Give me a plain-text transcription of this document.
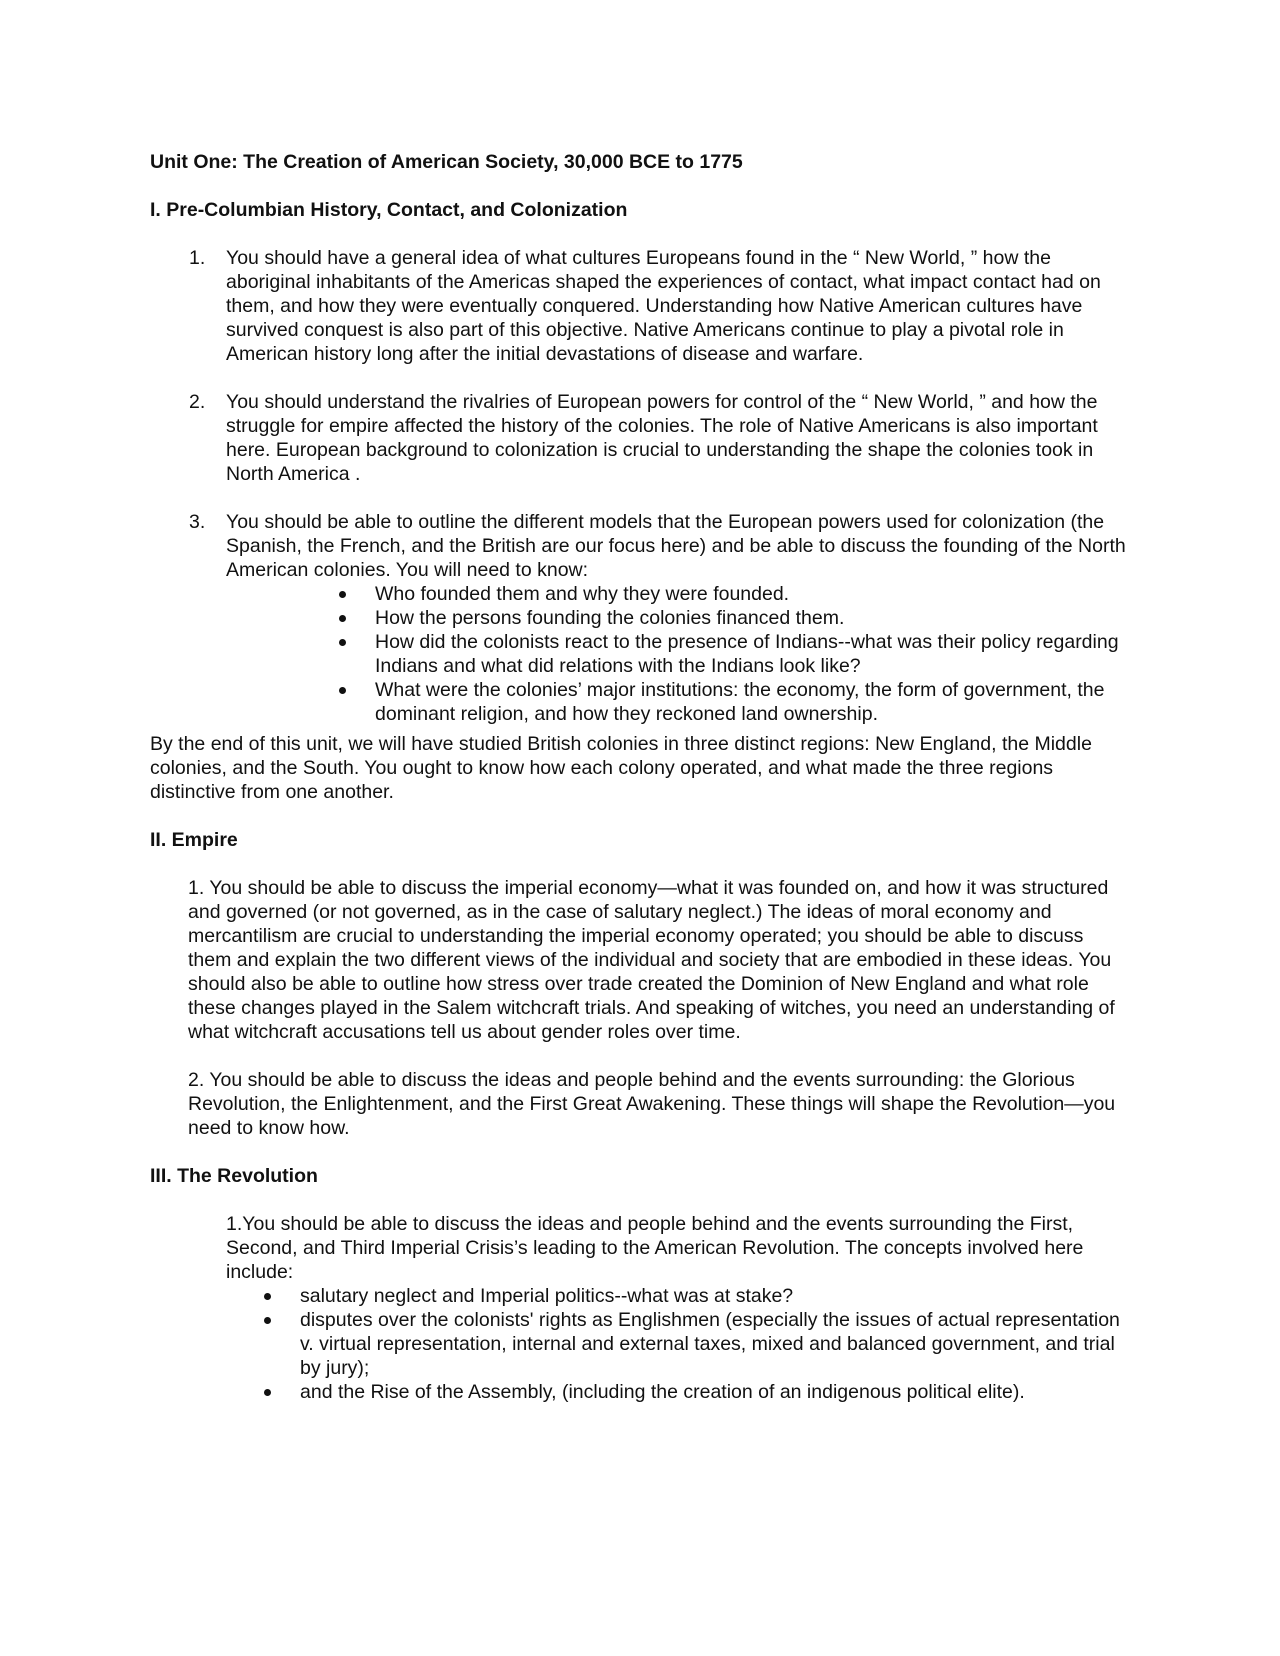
Unit One: The Creation of American Society, 30,000 BCE to 1775

I. Pre-Columbian History, Contact, and Colonization

1. You should have a general idea of what cultures Europeans found in the “ New World, ” how the aboriginal inhabitants of the Americas shaped the experiences of contact, what impact contact had on them, and how they were eventually conquered. Understanding how Native American cultures have survived conquest is also part of this objective. Native Americans continue to play a pivotal role in American history long after the initial devastations of disease and warfare.
2. You should understand the rivalries of European powers for control of the “ New World, ” and how the struggle for empire affected the history of the colonies. The role of Native Americans is also important here. European background to colonization is crucial to understanding the shape the colonies took in North America .
3. You should be able to outline the different models that the European powers used for colonization (the Spanish, the French, and the British are our focus here) and be able to discuss the founding of the North American colonies. You will need to know:
Who founded them and why they were founded.
How the persons founding the colonies financed them.
How did the colonists react to the presence of Indians--what was their policy regarding Indians and what did relations with the Indians look like?
What were the colonies’ major institutions: the economy, the form of government, the dominant religion, and how they reckoned land ownership.

By the end of this unit, we will have studied British colonies in three distinct regions: New England, the Middle colonies, and the South. You ought to know how each colony operated, and what made the three regions distinctive from one another.

II. Empire

1. You should be able to discuss the imperial economy—what it was founded on, and how it was structured and governed (or not governed, as in the case of salutary neglect.) The ideas of moral economy and mercantilism are crucial to understanding the imperial economy operated; you should be able to discuss them and explain the two different views of the individual and society that are embodied in these ideas. You should also be able to outline how stress over trade created the Dominion of New England and what role these changes played in the Salem witchcraft trials. And speaking of witches, you need an understanding of what witchcraft accusations tell us about gender roles over time.

2. You should be able to discuss the ideas and people behind and the events surrounding: the Glorious Revolution, the Enlightenment, and the First Great Awakening. These things will shape the Revolution—you need to know how.

III. The Revolution

1.You should be able to discuss the ideas and people behind and the events surrounding the First, Second, and Third Imperial Crisis’s leading to the American Revolution. The concepts involved here include:

salutary neglect and Imperial politics--what was at stake?
disputes over the colonists' rights as Englishmen (especially the issues of actual representation v. virtual representation, internal and external taxes, mixed and balanced government, and trial by jury);
and the Rise of the Assembly, (including the creation of an indigenous political elite).
